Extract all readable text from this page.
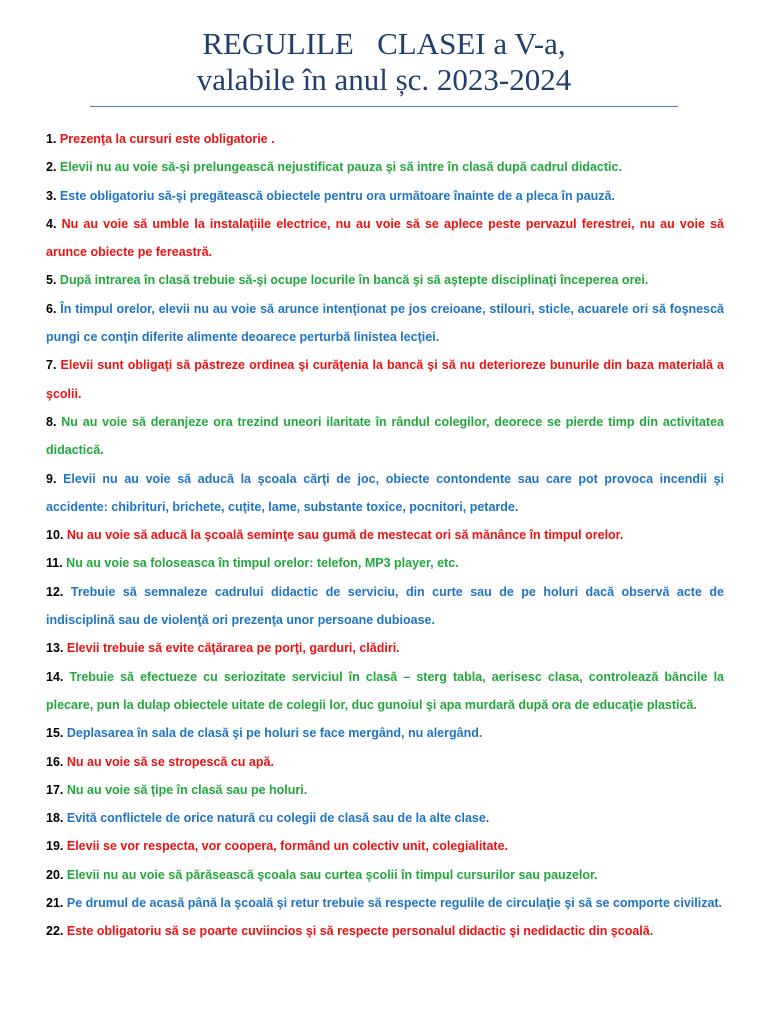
REGULILE   CLASEI a V-a,
valabile în anul șc. 2023-2024
1. Prezenţa la cursuri este obligatorie .
2. Elevii nu au voie să-şi prelungească nejustificat pauza şi să intre în clasă după cadrul didactic.
3. Este obligatoriu să-şi pregătească obiectele pentru ora următoare înainte de a pleca în pauză.
4. Nu au voie să umble la instalaţiile electrice, nu au voie să se aplece peste pervazul ferestrei, nu au voie să arunce obiecte pe fereastră.
5. După intrarea în clasă trebuie să-şi ocupe locurile în bancă şi să aştepte disciplinaţi începerea orei.
6. În timpul orelor, elevii nu au voie să arunce intenţionat pe jos creioane, stilouri, sticle, acuarele ori să foşnescă pungi ce conţin diferite alimente deoarece perturbă linistea lecţiei.
7. Elevii sunt obligaţi să păstreze ordinea şi curăţenia la bancă şi să nu deterioreze bunurile din baza materială a şcolii.
8. Nu au voie să deranjeze ora trezind uneori ilaritate în rândul colegilor, deorece se pierde timp din activitatea didactică.
9. Elevii nu au voie să aducă la şcoala cărţi de joc, obiecte contondente sau care pot provoca incendii şi accidente: chibrituri, brichete, cuţite, lame, substante toxice, pocnitori, petarde.
10. Nu au voie să aducă la şcoală seminţe sau gumă de mestecat ori să mănânce în timpul orelor.
11. Nu au voie sa foloseasca în timpul orelor: telefon, MP3 player, etc.
12. Trebuie să semnaleze cadrului didactic de serviciu, din curte sau de pe holuri dacă observă acte de indisciplină sau de violenţă ori prezenţa unor persoane dubioase.
13. Elevii trebuie să evite căţărarea pe porţi, garduri, clădiri.
14. Trebuie să efectueze cu seriozitate serviciul în clasă – sterg tabla, aerisesc clasa, controlează băncile la plecare, pun la dulap obiectele uitate de colegii lor, duc gunoiul şi apa murdară după ora de educaţie plastică.
15. Deplasarea în sala de clasă şi pe holuri se face mergând, nu alergând.
16. Nu au voie să se stropescă cu apă.
17. Nu au voie să ţipe în clasă sau pe holuri.
18. Evită conflictele de orice natură cu colegii de clasă sau de la alte clase.
19. Elevii se vor respecta, vor coopera, formând un colectiv unit, colegialitate.
20. Elevii nu au voie să părăsească şcoala sau curtea şcolii în timpul cursurilor sau pauzelor.
21. Pe drumul de acasă până la şcoală şi retur trebuie să respecte regulile de circulaţie şi să se comporte civilizat.
22. Este obligatoriu să se poarte cuviincios şi să respecte personalul didactic şi nedidactic din şcoală.
